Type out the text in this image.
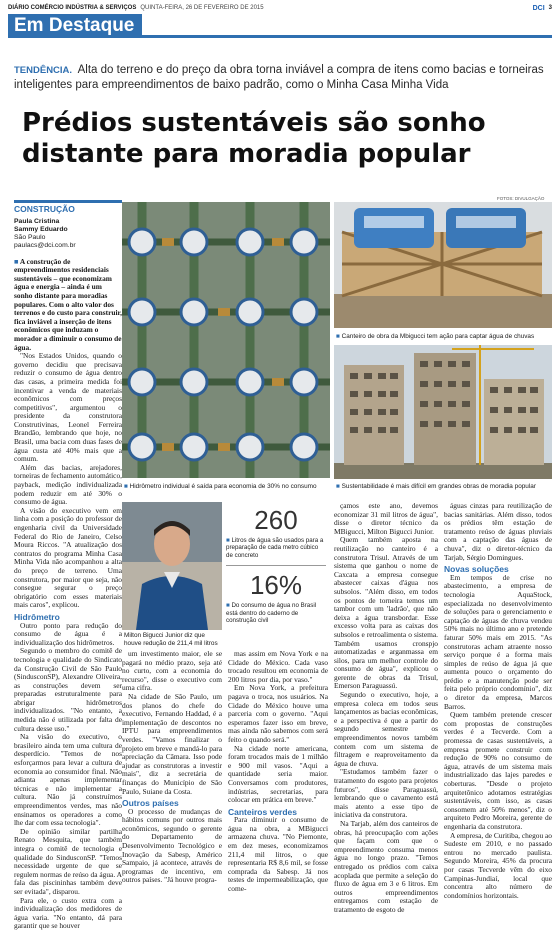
DIÁRIO COMÉRCIO INDÚSTRIA & SERVIÇOS QUINTA-FEIRA, 26 DE FEVEREIRO DE 2015	DCI 3
Em Destaque
TENDÊNCIA. Alta do terreno e do preço da obra torna inviável a compra de itens como bacias e torneiras inteligentes para empreendimentos de baixo padrão, como o Minha Casa Minha Vida
Prédios sustentáveis são sonho distante para moradia popular
CONSTRUÇÃO
Paula Cristina
Sammy Eduardo
São Paulo
paulacs@dci.com.br

■ A construção de empreendimentos residenciais sustentáveis – que economizam água e energia – ainda é um sonho distante para moradias populares. Com o alto valor dos terrenos e do custo para construir, fica inviável a inserção de itens econômicos que induzam o morador a diminuir o consumo de água.

"Nos Estados Unidos, quando o governo decidiu que precisava reduzir o consumo de água dentro das casas, a primeira medida foi incentivar a venda de materiais econômicos com preços competitivos", argumentou o presidente da construtora Construtivinas, Leonel Ferreira Brandão, lembrando que hoje, no Brasil, uma bacia com duas fases de água custa até 40% mais que a comum.

Além das bacias, arejadores, torneiras de fechamento automático, payback, medição individualizada podem reduzir em até 30% o consumo de água.

A visão do executivo vem em linha com a posição do professor de engenharia civil da Universidade Federal do Rio de Janeiro, Celso Moura Riccos. "A atualização dos contratos do programa Minha Casa Minha Vida não acompanhou a alta do preço de terreno. Uma construtora, por maior que seja, não consegue segurar o preço obrigatório com esses materiais mais caros", explicou.

Hidrômetro

Outro ponto para redução do consumo de água é a individualização dos hidrômetros.

Segundo o membro do comitê de tecnologia e qualidade do Sindicato da Construção Civil de São Paulo (SindusconSP), Alexandre Oliveira, as construções devem ser preparadas estruturalmente para abrigar hidrômetros individualizados. "No entanto, a medida não é utilizada por falta de cultura desse uso."

Na visão do executivo, o brasileiro ainda tem uma cultura de desperdício. "Temos de nos esforçarmos para levar a cultura de economia ao consumidor final. Não adianta apenas implementar técnicas e não implementar a cultura. Não já construímos empreendimentos verdes, mas não ensinamos os operadores a como lhe dar com essa tecnologia".

De opinião similar partilha Renato Mesquita, que também integra o comitê de tecnologia e qualidade do SindusconSP. "Temos necessidade urgente de que se regulem normas de reúso da água. A fala das piscininhas também deve ser evitada", disparou.

Para ele, o custo extra com a individualização dos medidores de água varia. "No entanto, dá para garantir que se houver

FOTOS: DIVULGAÇÃO
■ Hidrômetro individual é saída para economia de 30% no consumo
■ Canteiro de obra da Mbigucci tem ação para captar água de chuvas
■ Sustentabilidade é mais difícil em grandes obras de moradia popular
Milton Bigucci Junior diz que houve redução de 211,4 mil litros
260
■ Litros de água são usados para a preparação de cada metro cúbico de concreto
16%
■ Do consumo de água no Brasil está dentro do caderno de construção civil

um investimento maior, ele se pagará no médio prazo, seja até no curto, com a economia do recurso", disse o executivo com uma cifra.

Na cidade de São Paulo, um dos planos do chefe do executivo, Fernando Haddad, é a implementação de descontos no IPTU para empreendimentos verdes. "Vamos finalizar o projeto em breve e mandá-lo para apreciação da Câmara. Isso pode ajudar as construtoras a investir mais", diz a secretária de finanças do Município de São Paulo, Suiane da Costa.

Outros países

O processo de mudanças de hábitos comuns por outros mais econômicos, segundo o gerente do Departamento de Desenvolvimento Tecnológico e Inovação da Sabesp, Américo Sampaio, já acontece, através de programas de incentivo, em outros países. "Já houve progra-

mas assim em Nova York e na Cidade do México. Cada vaso trocado resultou em economia de 200 litros por dia, por vaso."

Em Nova York, a prefeitura pagava o troca, nos usuários. Na Cidade do México houve uma parceria com o governo. "Aqui esperamos fazer isso em breve, mas ainda não sabemos com será feito o quando será."

Na cidade norte americana, foram trocados mais de 1 milhão e 900 mil vasos. "Aqui a quantidade seria maior. Conversamos com produtores, indústrias, secretarias, para colocar em prática em breve."

Canteiros verdes

Para diminuir o consumo de água na obra, a MBigucci armazena chuva. "No Piemonte, em dez meses, economizamos 211,4 mil litros, o que representaria R$ 8,6 mil, se fosse comprada da Sabesp. Já nos testes de impermeabilização, que come-

çamos este ano, devemos economizar 31 mil litros de água", disse o diretor técnico da MBigucci, Milton Bigucci Junior.

Quem também aposta na reutilização no canteiro é a construtora Trisul. Através de um sistema que ganhou o nome de Caxcata a empresa consegue abastecer caixas d'água nos subsolos. "Além disso, em todos os pontos de torneira temos um tambor com um 'ladrão', que não deixa a água transbordar. Esse excesso volta para as caixas dos subsolos e retroalimenta o sistema. Também usamos cronspjo automatizadas e arganmassa em silos, para um melhor controle do consumo de água", explicou o gerente de obras da Trisul, Emerson Paraguassú.

Segundo o executivo, hoje, a empresa coleca em todos seus lançamentos as bacias econômicas, e a perspectiva é que a partir do segundo semestre os empreendimentos novos também contem com um sistema de filtragem e reaproveitamento da água de chuva.

"Estudamos também fazer o tratamento do esgoto para projetos futuros", disse Paraguassú, lembrando que o cavamento está mais atento a esse tipo de iniciativa da construtora.

Na Tarjab, além dos canteiros de obras, há preocupação com ações que façam com que o empreendimento consuma menos água no longo prazo. "Temos entregado os prédios com caixa acoplada que permite a seleção do fluxo de água em 3 e 6 litros. Em outros empreendimentos entregamos com estação de tratamento de esgoto de

águas cinzas para reutilização de bacias sanitárias. Além disso, todos os prédios têm estação de tratamento reúso de águas pluviais com a captação das águas de chuva", diz o diretor-técnico da Tarjab, Sérgio Domingues.

Novas soluções

Em tempos de crise no abastecimento, a empresa de tecnologia AquaStock, especializada no desenvolvimento de soluções para o gerenciamento e captação de águas de chuva vendeu 50% mais no último ano e pretende faturar 50% mais em 2015. "As construtoras acham atraente nosso serviço porque é a forma mais simples de reúso de água já que aumenta pouco o orçamento do prédio e a manutenção pode ser feita pelo próprio condomínio", diz o diretor da empresa, Marcos Barros.

Quem também pretende crescer com propostas de construções verdes é a Tecverde. Com a promessa de casas sustentáveis, a empresa promete construir com redução de 90% no consumo de água, através de um sistema mais industrializado das lajes paredes e coberturas. "Desde o projeto arquitetônico adotamos estratégias sustentáveis, com isso, as casas consomem até 50% menos", diz o arquiteto Pedro Moreira, gerente de engenharia da construtora.

A empresa, de Curitiba, chegou ao Sudeste em 2010, e no passado entrou no mercado paulista. Segundo Moreira, 45% da procura por casas Tecverde vêm do eixo Campinas-Jundiaí, local que concentra alto número de condomínios horizontais.
